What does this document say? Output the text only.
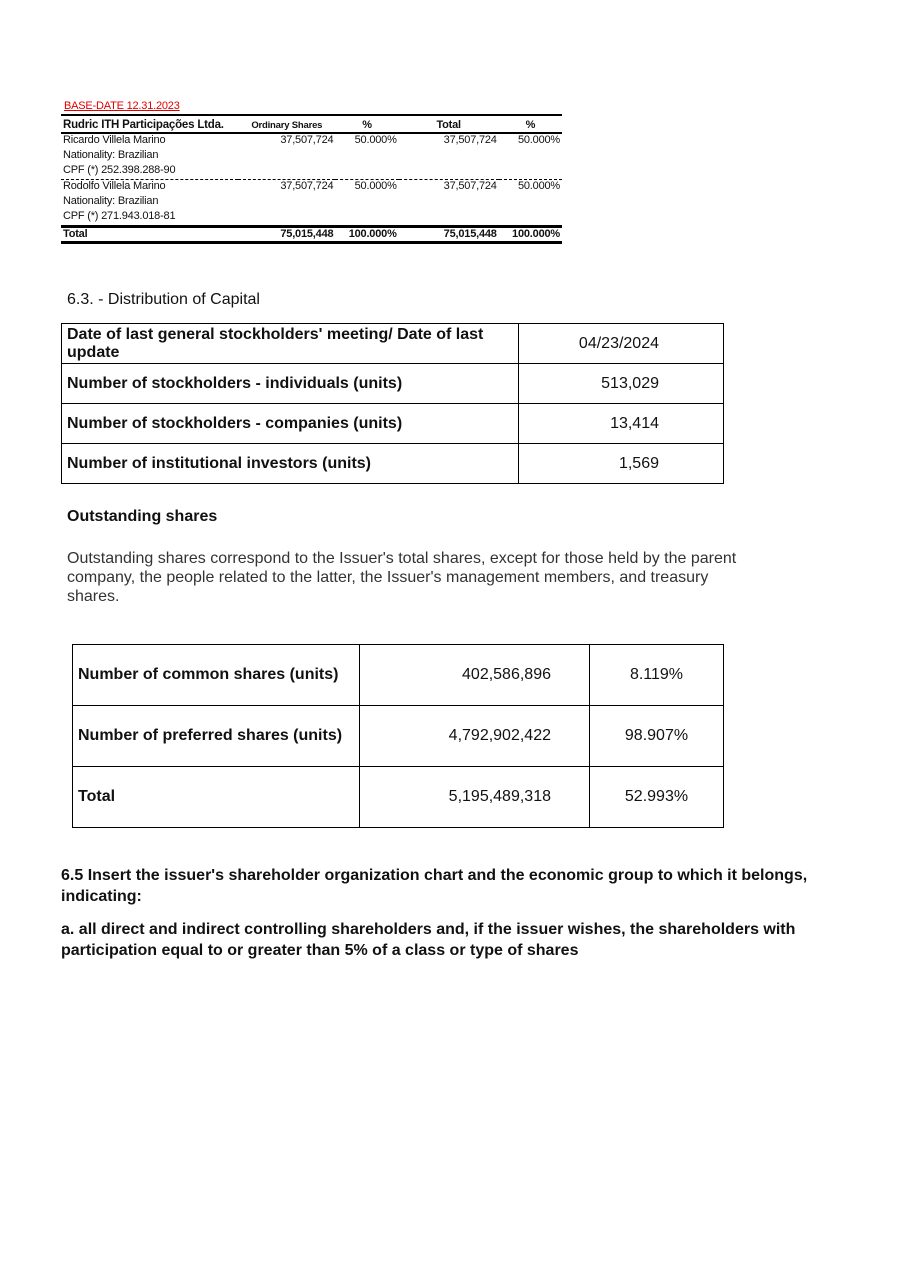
BASE-DATE 12.31.2023
Rudric ITH Participações Ltda.	Ordinary Shares	%	Total	%
Ricardo Villela Marino	37,507,724	50.000%	37,507,724	50.000%
Nationality: Brazilian				
CPF (*) 252.398.288-90				
Rodolfo Villela Marino	37,507,724	50.000%	37,507,724	50.000%
Nationality: Brazilian				
CPF (*) 271.943.018-81				
Total	75,015,448	100.000%	75,015,448	100.000%
6.3. - Distribution of Capital
Date of last general stockholders' meeting/ Date of last update	04/23/2024
Number of stockholders - individuals (units)	513,029
Number of stockholders - companies (units)	13,414
Number of institutional investors (units)	1,569
Outstanding shares
Outstanding shares correspond to the Issuer's total shares, except for those held by the parent company, the people related to the latter, the Issuer's management members, and treasury shares.
Number of common shares (units)	402,586,896	8.119%
Number of preferred shares (units)	4,792,902,422	98.907%
Total	5,195,489,318	52.993%
6.5 Insert the issuer's shareholder organization chart and the economic group to which it belongs, indicating:
a. all direct and indirect controlling shareholders and, if the issuer wishes, the shareholders with participation equal to or greater than 5% of a class or type of shares
